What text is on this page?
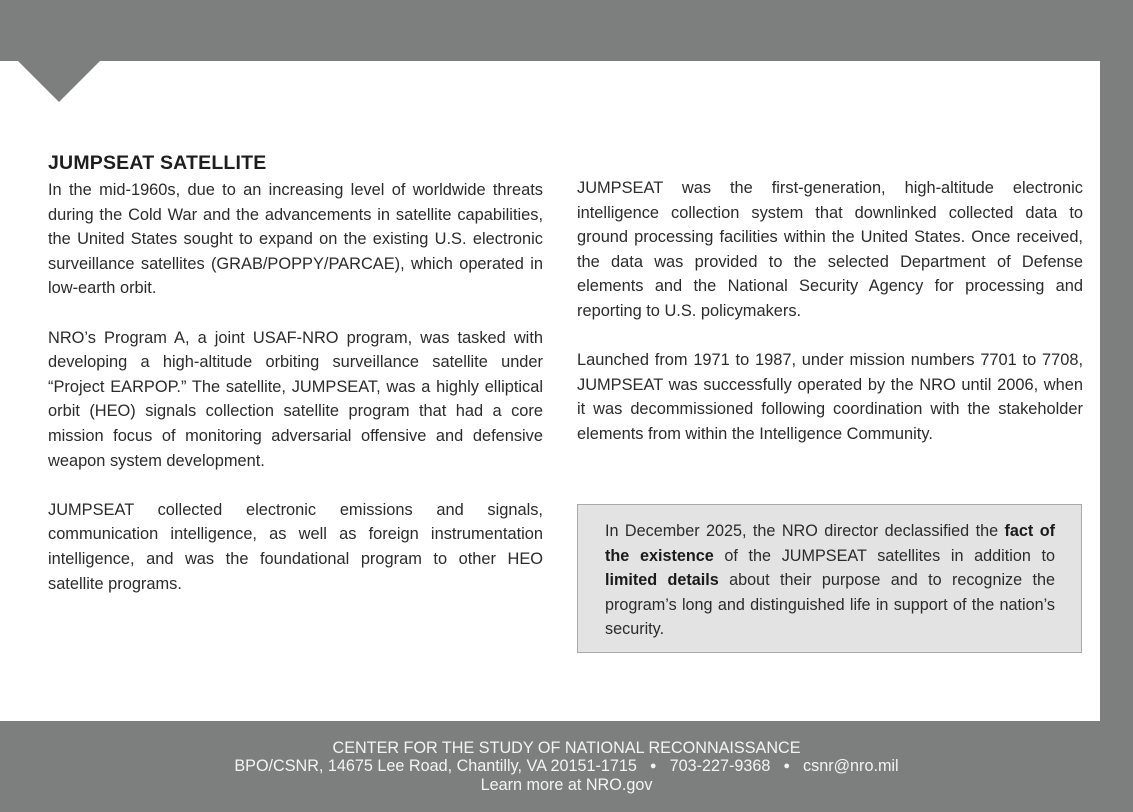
JUMPSEAT SATELLITE

In the mid-1960s, due to an increasing level of worldwide threats during the Cold War and the advancements in satellite capabilities, the United States sought to expand on the existing U.S. electronic surveillance satellites (GRAB/POPPY/PARCAE), which operated in low-earth orbit.

NRO’s Program A, a joint USAF-NRO program, was tasked with developing a high-altitude orbiting surveillance satellite under “Project EARPOP.” The satellite, JUMPSEAT, was a highly elliptical orbit (HEO) signals collection satellite program that had a core mission focus of monitoring adversarial offensive and defensive weapon system development.

JUMPSEAT collected electronic emissions and signals, communication intelligence, as well as foreign instrumentation intelligence, and was the foundational program to other HEO satellite programs.

JUMPSEAT was the first-generation, high-altitude electronic intelligence collection system that downlinked collected data to ground processing facilities within the United States. Once received, the data was provided to the selected Department of Defense elements and the National Security Agency for processing and reporting to U.S. policymakers.

Launched from 1971 to 1987, under mission numbers 7701 to 7708, JUMPSEAT was successfully operated by the NRO until 2006, when it was decommissioned following coordination with the stakeholder elements from within the Intelligence Community.

In December 2025, the NRO director declassified the fact of the existence of the JUMPSEAT satellites in addition to limited details about their purpose and to recognize the program’s long and distinguished life in support of the nation’s security.
CENTER FOR THE STUDY OF NATIONAL RECONNAISSANCE
BPO/CSNR, 14675 Lee Road, Chantilly, VA 20151-1715 ● 703-227-9368 ● csnr@nro.mil
Learn more at NRO.gov
